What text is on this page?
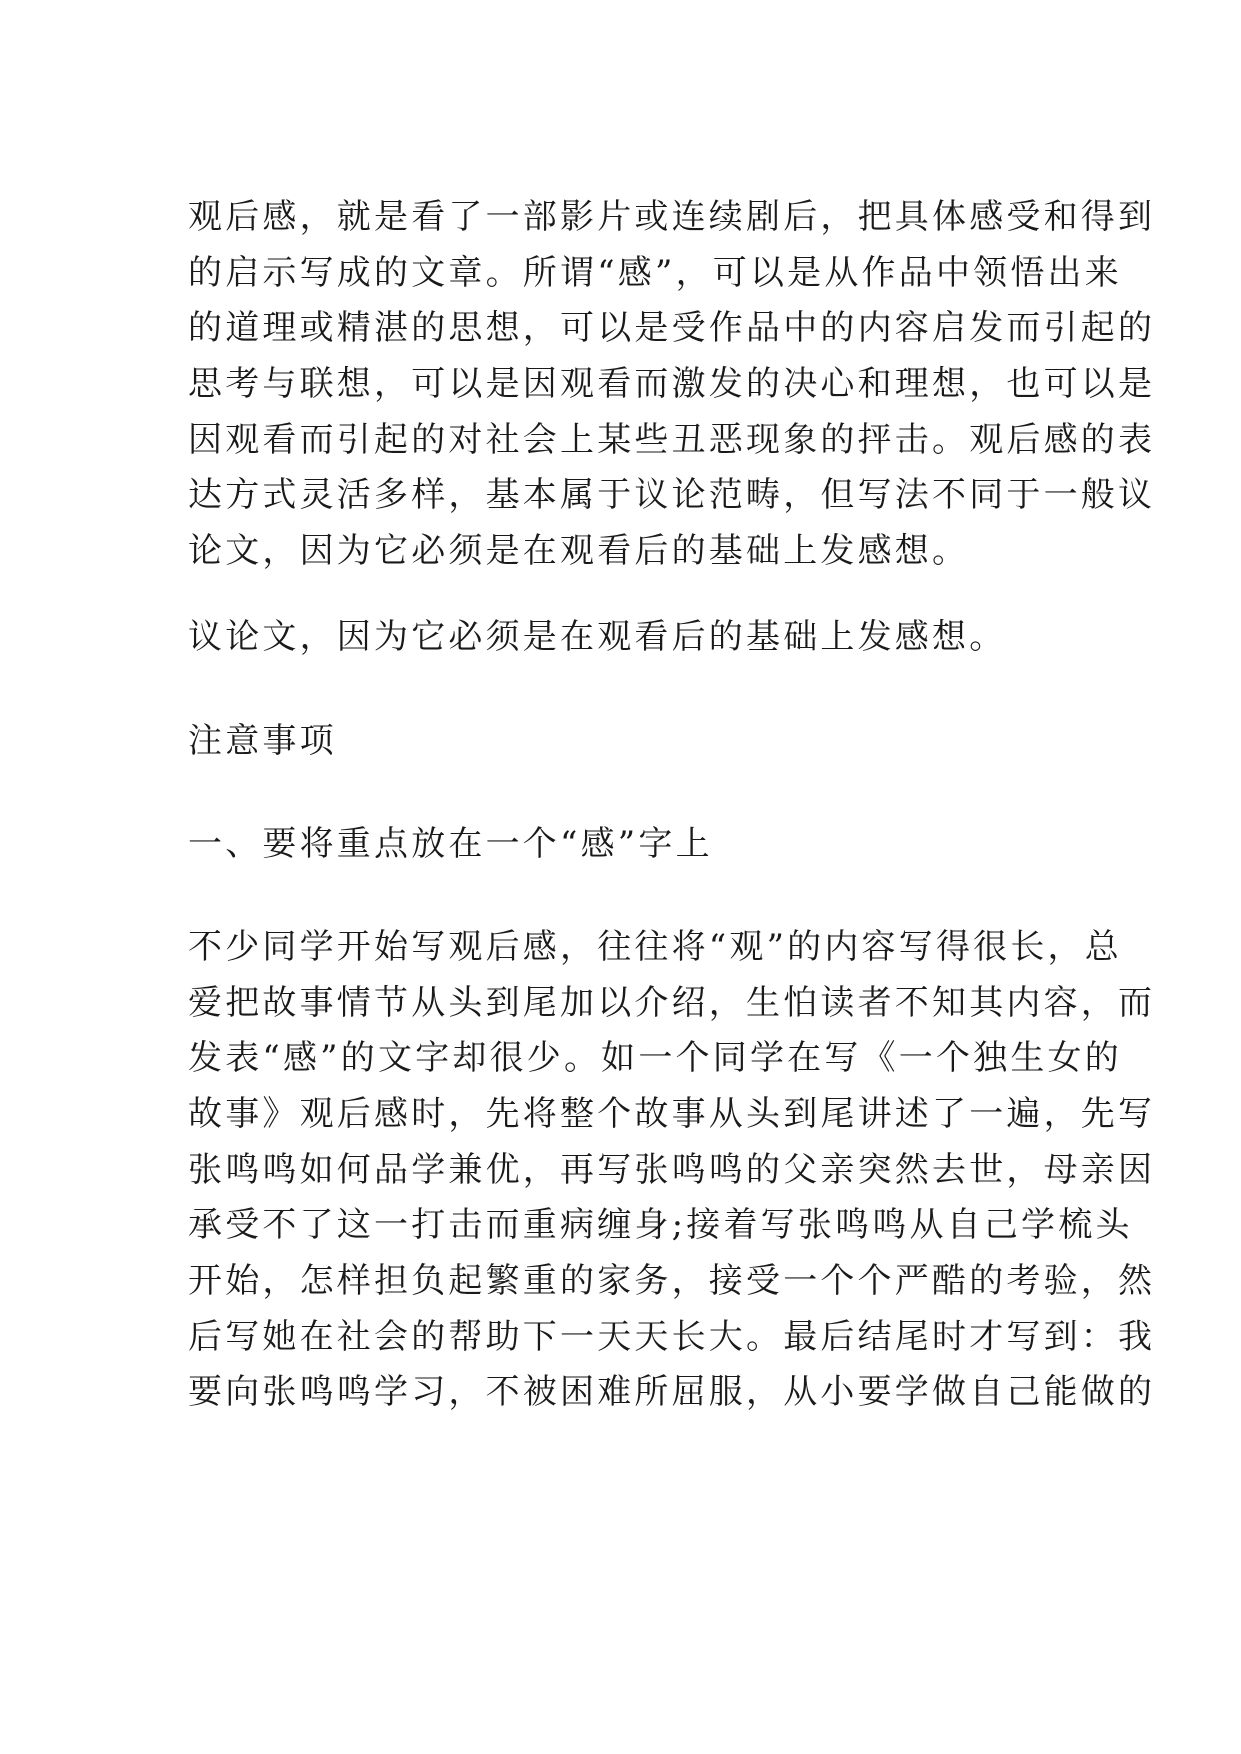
观后感，就是看了一部影片或连续剧后，把具体感受和得到
的启示写成的文章。所谓“感”，可以是从作品中领悟出来
的道理或精湛的思想，可以是受作品中的内容启发而引起的
思考与联想，可以是因观看而激发的决心和理想，也可以是
因观看而引起的对社会上某些丑恶现象的抨击。观后感的表
达方式灵活多样，基本属于议论范畴，但写法不同于一般议
论文，因为它必须是在观看后的基础上发感想。
议论文，因为它必须是在观看后的基础上发感想。
注意事项
一、要将重点放在一个“感”字上
不少同学开始写观后感，往往将“观”的内容写得很长，总
爱把故事情节从头到尾加以介绍，生怕读者不知其内容，而
发表“感”的文字却很少。如一个同学在写《一个独生女的
故事》观后感时，先将整个故事从头到尾讲述了一遍，先写
张鸣鸣如何品学兼优，再写张鸣鸣的父亲突然去世，母亲因
承受不了这一打击而重病缠身;接着写张鸣鸣从自己学梳头
开始，怎样担负起繁重的家务，接受一个个严酷的考验，然
后写她在社会的帮助下一天天长大。最后结尾时才写到：我
要向张鸣鸣学习，不被困难所屈服，从小要学做自己能做的
